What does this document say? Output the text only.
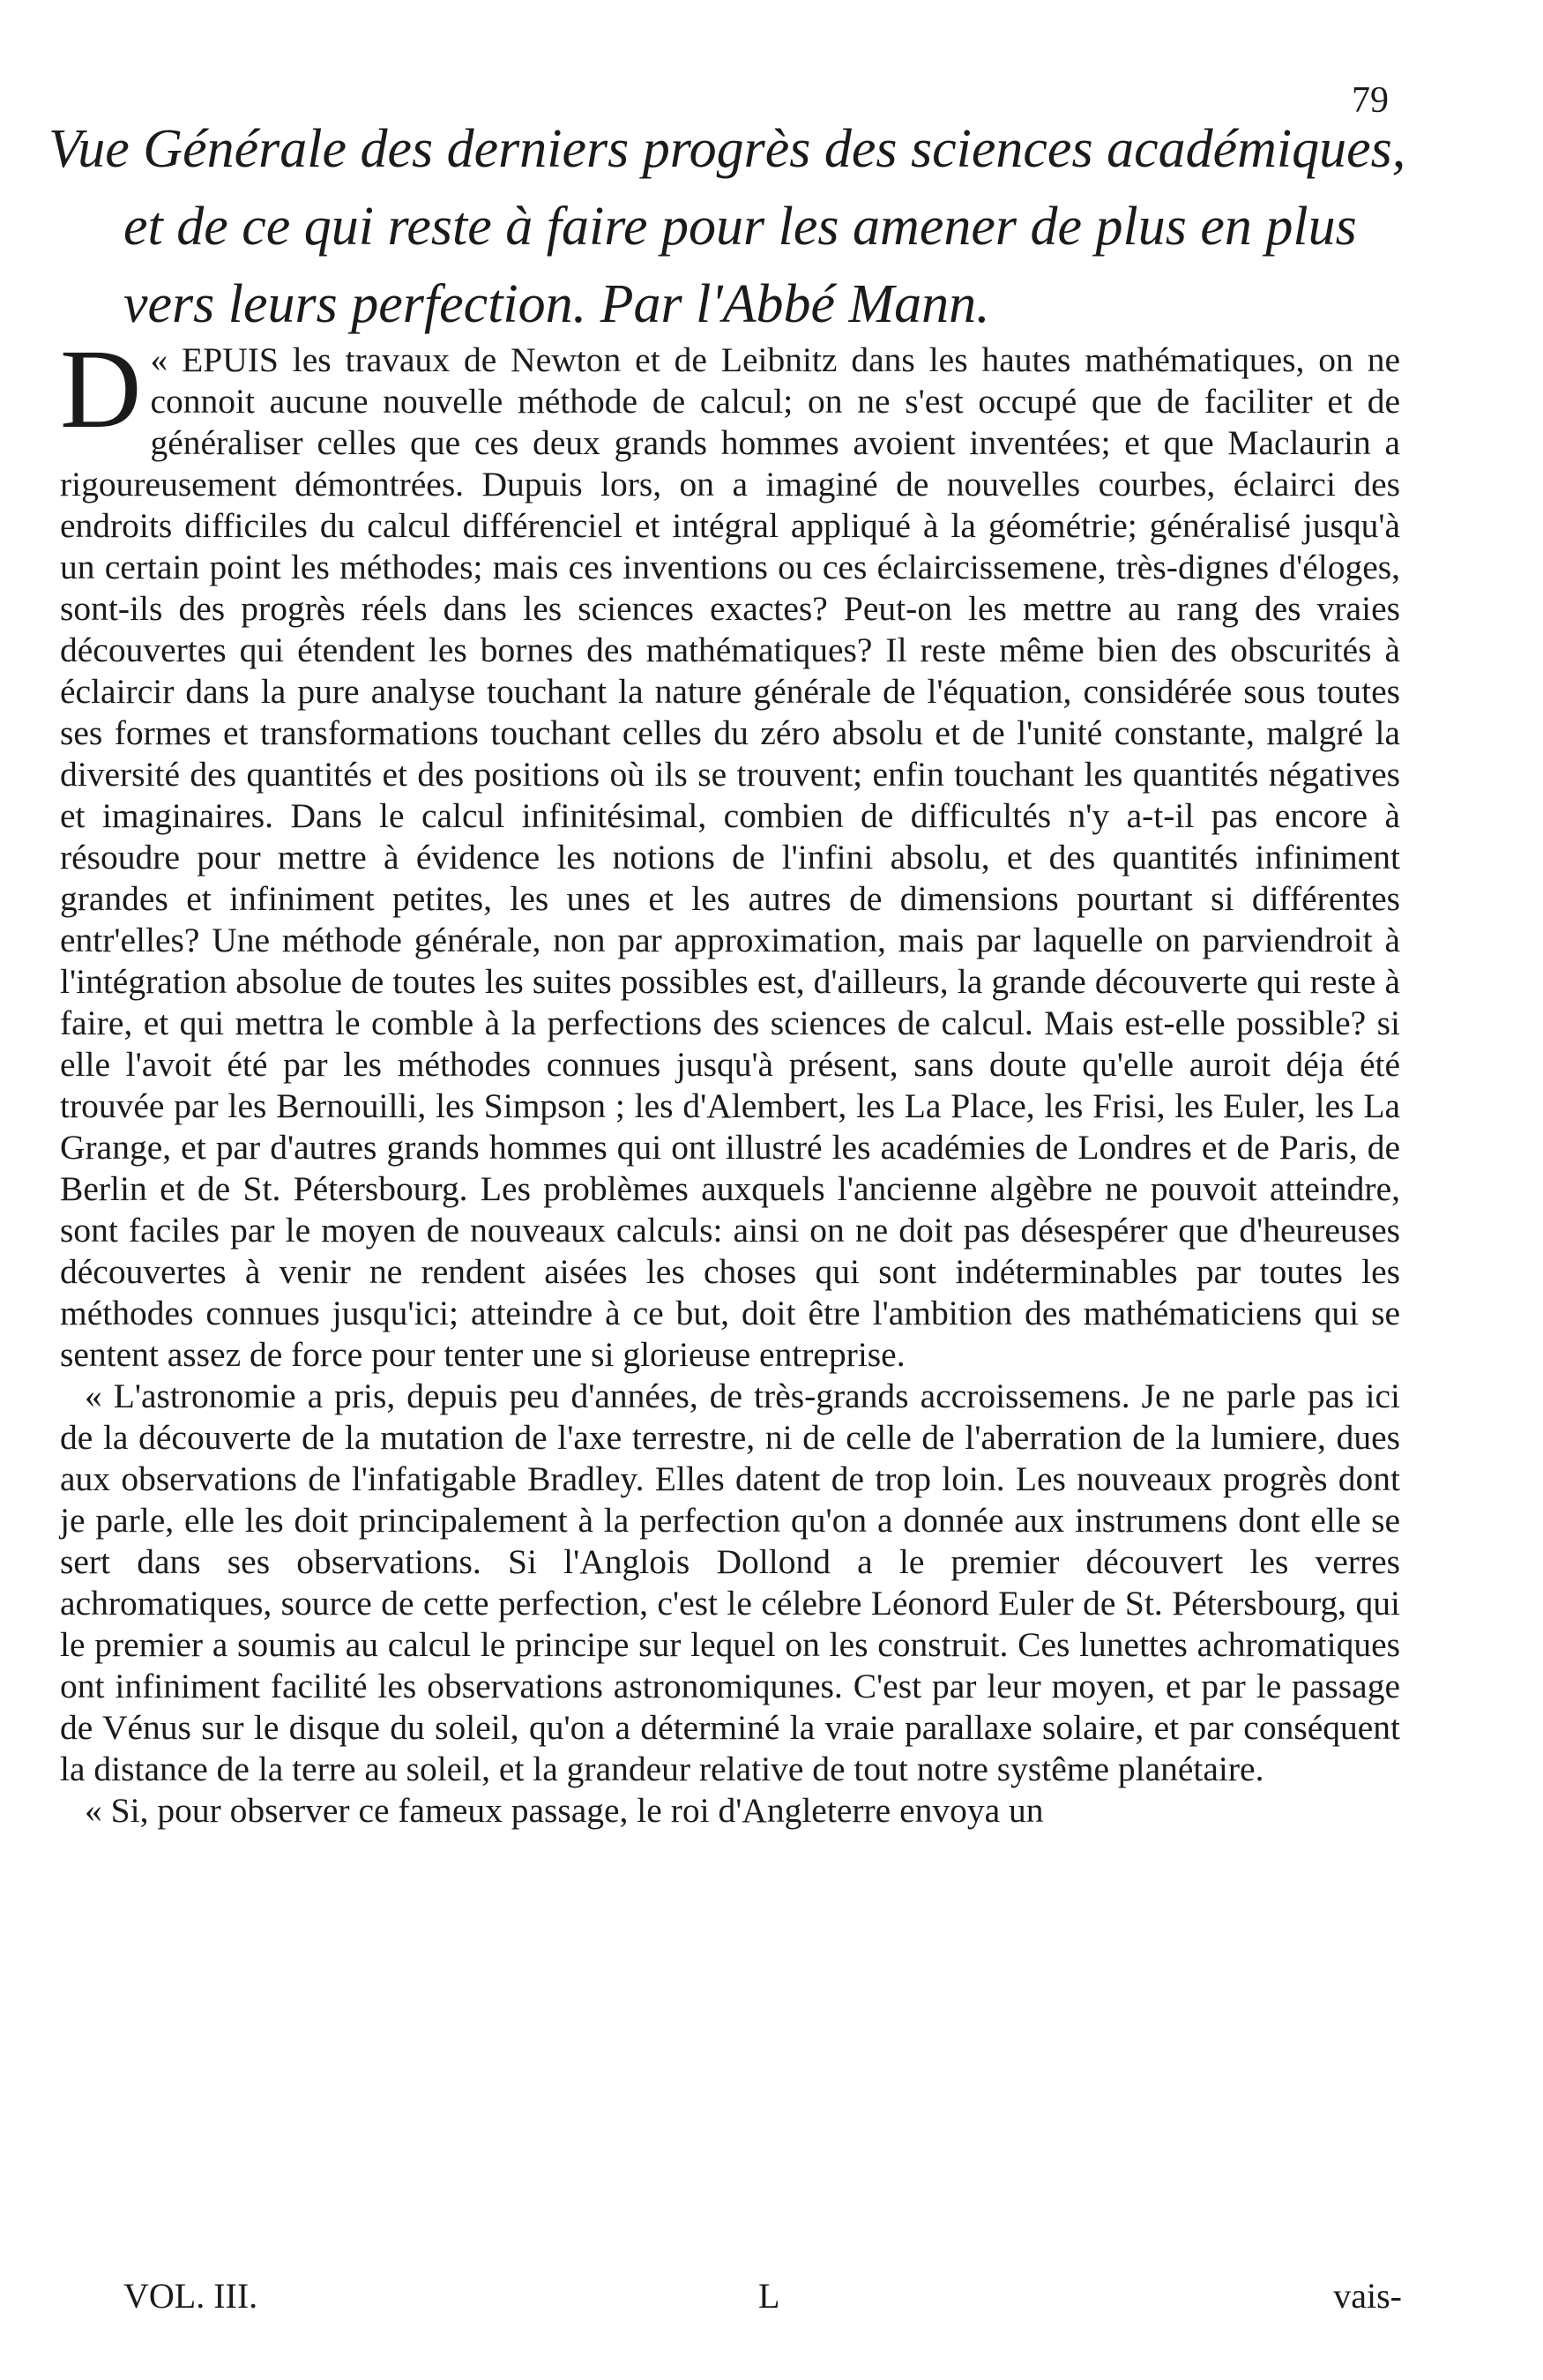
79
Vue Générale des derniers progrès des sciences académiques,
et de ce qui reste à faire pour les amener de plus en plus
vers leurs perfection. Par l'Abbé Mann.

D « EPUIS les travaux de Newton et de Leibnitz dans les hautes mathématiques, on ne connoit aucune nouvelle méthode de calcul; on ne s'est occupé que de faciliter et de généraliser celles que ces deux grands hommes avoient inventées; et que Maclaurin a rigoureusement démontrées. Dupuis lors, on a imaginé de nouvelles courbes, éclairci des endroits difficiles du calcul différenciel et intégral appliqué à la géométrie; généralisé jusqu'à un certain point les méthodes; mais ces inventions ou ces éclaircissemene, très-dignes d'éloges, sont-ils des progrès réels dans les sciences exactes? Peut-on les mettre au rang des vraies découvertes qui étendent les bornes des mathématiques? Il reste même bien des obscurités à éclaircir dans la pure analyse touchant la nature générale de l'équation, considérée sous toutes ses formes et transformations touchant celles du zéro absolu et de l'unité constante, malgré la diversité des quantités et des positions où ils se trouvent; enfin touchant les quantités négatives et imaginaires. Dans le calcul infinitésimal, combien de difficultés n'y a-t-il pas encore à résoudre pour mettre à évidence les notions de l'infini absolu, et des quantités infiniment grandes et infiniment petites, les unes et les autres de dimensions pourtant si différentes entr'elles? Une méthode générale, non par approximation, mais par laquelle on parviendroit à l'intégration absolue de toutes les suites possibles est, d'ailleurs, la grande découverte qui reste à faire, et qui mettra le comble à la perfections des sciences de calcul. Mais est-elle possible? si elle l'avoit été par les méthodes connues jusqu'à présent, sans doute qu'elle auroit déja été trouvée par les Bernouilli, les Simpson ; les d'Alembert, les La Place, les Frisi, les Euler, les La Grange, et par d'autres grands hommes qui ont illustré les académies de Londres et de Paris, de Berlin et de St. Pétersbourg. Les problèmes auxquels l'ancienne algèbre ne pouvoit atteindre, sont faciles par le moyen de nouveaux calculs: ainsi on ne doit pas désespérer que d'heureuses découvertes à venir ne rendent aisées les choses qui sont indéterminables par toutes les méthodes connues jusqu'ici; atteindre à ce but, doit être l'ambition des mathématiciens qui se sentent assez de force pour tenter une si glorieuse entreprise.

« L'astronomie a pris, depuis peu d'années, de très-grands accroissemens. Je ne parle pas ici de la découverte de la mutation de l'axe terrestre, ni de celle de l'aberration de la lumiere, dues aux observations de l'infatigable Bradley. Elles datent de trop loin. Les nouveaux progrès dont je parle, elle les doit principalement à la perfection qu'on a donnée aux instrumens dont elle se sert dans ses observations. Si l'Anglois Dollond a le premier découvert les verres achromatiques, source de cette perfection, c'est le célebre Léonord Euler de St. Pétersbourg, qui le premier a soumis au calcul le principe sur lequel on les construit. Ces lunettes achromatiques ont infiniment facilité les observations astronomiqunes. C'est par leur moyen, et par le passage de Vénus sur le disque du soleil, qu'on a déterminé la vraie parallaxe solaire, et par conséquent la distance de la terre au soleil, et la grandeur relative de tout notre systême planétaire.

« Si, pour observer ce fameux passage, le roi d'Angleterre envoya un

VOL. III.	L	vais-
